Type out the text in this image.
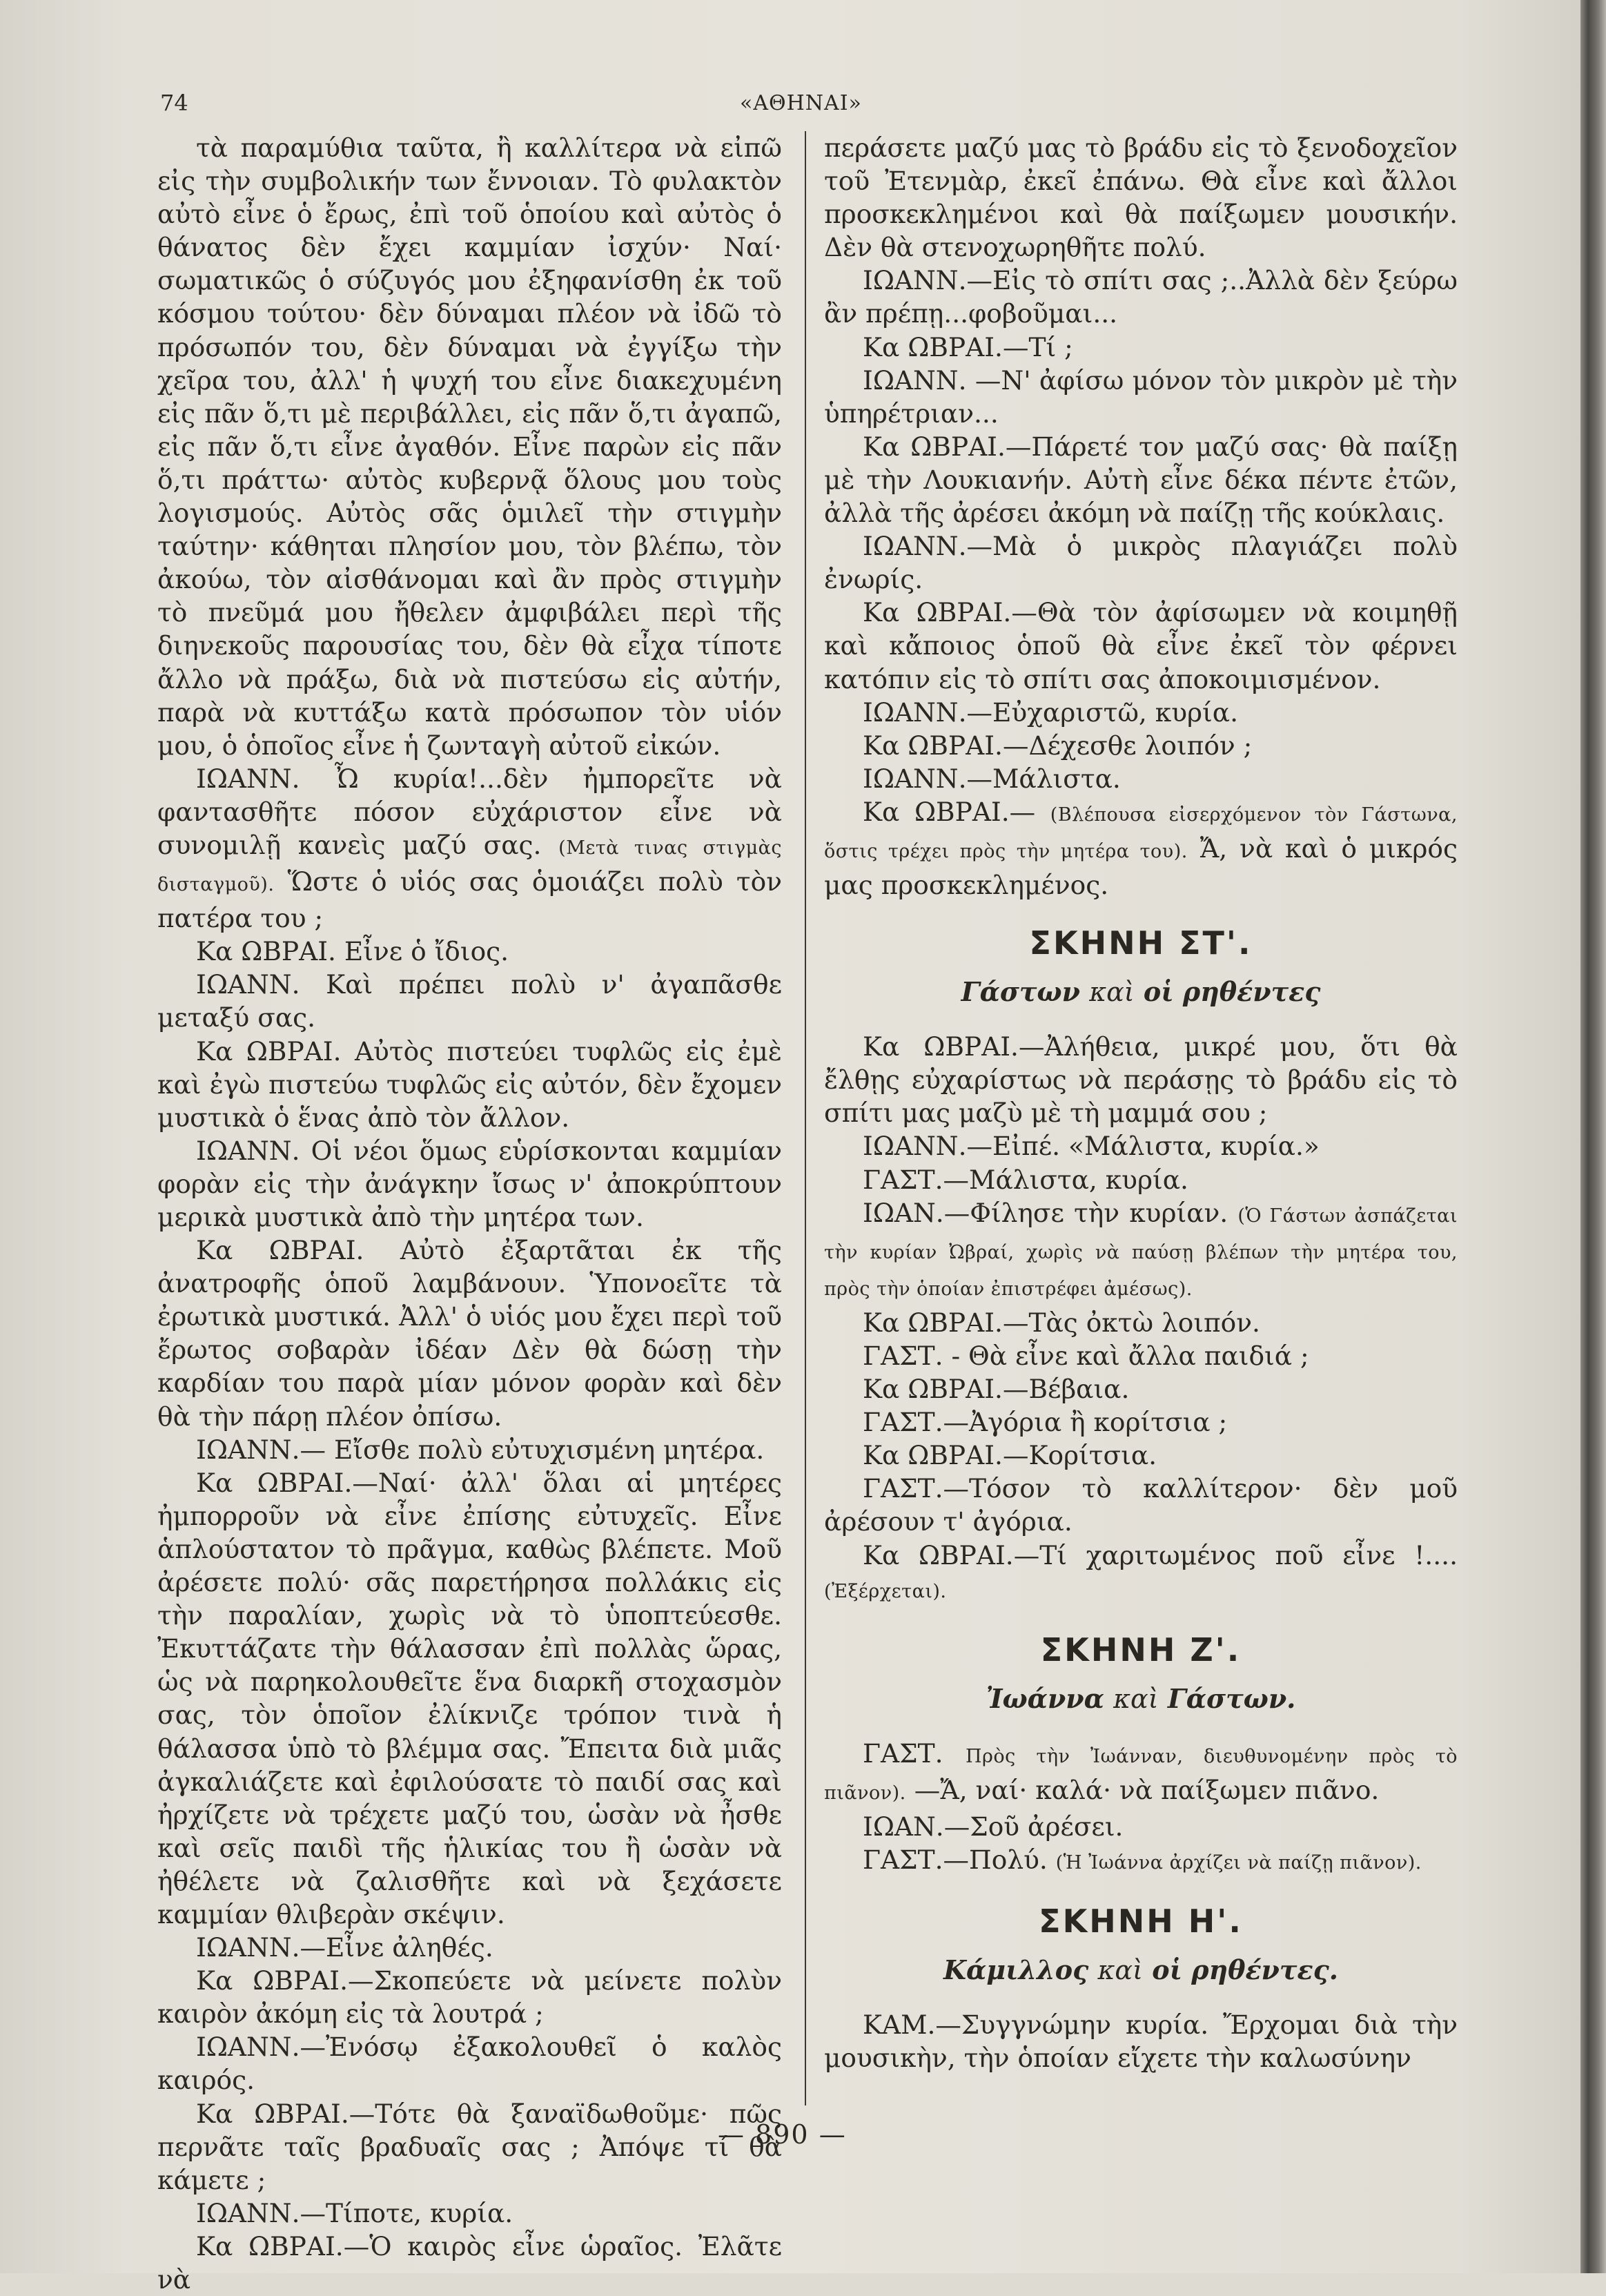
74	«ΑΘΗΝΑΙ»

τὰ παραμύθια ταῦτα, ἢ καλλίτερα νὰ εἰπῶ εἰς τὴν συμβολικήν των ἔννοιαν. Τὸ φυλακτὸν αὐτὸ εἶνε ὁ ἔρως, ἐπὶ τοῦ ὁποίου καὶ αὐτὸς ὁ θάνατος δὲν ἔχει καμμίαν ἰσχύν· Ναί· σωματικῶς ὁ σύζυγός μου ἐξηφανίσθη ἐκ τοῦ κόσμου τούτου· δὲν δύναμαι πλέον νὰ ἰδῶ τὸ πρόσωπόν του, δὲν δύναμαι νὰ ἐγγίξω τὴν χεῖρα του, ἀλλ' ἡ ψυχή του εἶνε διακεχυμένη εἰς πᾶν ὅ,τι μὲ περιβάλλει, εἰς πᾶν ὅ,τι ἀγαπῶ, εἰς πᾶν ὅ,τι εἶνε ἀγαθόν. Εἶνε παρὼν εἰς πᾶν ὅ,τι πράττω· αὐτὸς κυβερνᾷ ὅλους μου τοὺς λογισμούς. Αὐτὸς σᾶς ὁμιλεῖ τὴν στιγμὴν ταύτην· κάθηται πλησίον μου, τὸν βλέπω, τὸν ἀκούω, τὸν αἰσθάνομαι καὶ ἂν πρὸς στιγμὴν τὸ πνεῦμά μου ἤθελεν ἀμφιβάλει περὶ τῆς διηνεκοῦς παρουσίας του, δὲν θὰ εἶχα τίποτε ἄλλο νὰ πράξω, διὰ νὰ πιστεύσω εἰς αὐτήν, παρὰ νὰ κυττάξω κατὰ πρόσωπον τὸν υἱόν μου, ὁ ὁποῖος εἶνε ἡ ζωνταγὴ αὐτοῦ εἰκών.

ΙΩΑΝΝ. Ὦ κυρία!...δὲν ἠμπορεῖτε νὰ φαντασθῆτε πόσον εὐχάριστον εἶνε νὰ συνομιλῇ κανεὶς μαζύ σας. (Μετὰ τινας στιγμὰς δισταγμοῦ). Ὥστε ὁ υἱός σας ὁμοιάζει πολὺ τὸν πατέρα του ;

Κα ΩΒΡΑΙ. Εἶνε ὁ ἴδιος.

ΙΩΑΝΝ. Καὶ πρέπει πολὺ ν' ἀγαπᾶσθε μεταξύ σας.

Κα ΩΒΡΑΙ. Αὐτὸς πιστεύει τυφλῶς εἰς ἐμὲ καὶ ἐγὼ πιστεύω τυφλῶς εἰς αὐτόν, δὲν ἔχομεν μυστικὰ ὁ ἕνας ἀπὸ τὸν ἄλλον.

ΙΩΑΝΝ. Οἱ νέοι ὅμως εὑρίσκονται καμμίαν φορὰν εἰς τὴν ἀνάγκην ἴσως ν' ἀποκρύπτουν μερικὰ μυστικὰ ἀπὸ τὴν μητέρα των.

Κα ΩΒΡΑΙ. Αὐτὸ ἐξαρτᾶται ἐκ τῆς ἀνατροφῆς ὁποῦ λαμβάνουν. Ὑπονοεῖτε τὰ ἐρωτικὰ μυστικά. Ἀλλ' ὁ υἱός μου ἔχει περὶ τοῦ ἔρωτος σοβαρὰν ἰδέαν Δὲν θὰ δώσῃ τὴν καρδίαν του παρὰ μίαν μόνον φορὰν καὶ δὲν θὰ τὴν πάρῃ πλέον ὀπίσω.

ΙΩΑΝΝ.— Εἴσθε πολὺ εὐτυχισμένη μητέρα.

Κα ΩΒΡΑΙ.—Ναί· ἀλλ' ὅλαι αἱ μητέρες ἠμπορροῦν νὰ εἶνε ἐπίσης εὐτυχεῖς. Εἶνε ἁπλούστατον τὸ πρᾶγμα, καθὼς βλέπετε. Μοῦ ἀρέσετε πολύ· σᾶς παρετήρησα πολλάκις εἰς τὴν παραλίαν, χωρὶς νὰ τὸ ὑποπτεύεσθε. Ἐκυττάζατε τὴν θάλασσαν ἐπὶ πολλὰς ὥρας, ὡς νὰ παρηκολουθεῖτε ἕνα διαρκῆ στοχασμὸν σας, τὸν ὁποῖον ἐλίκνιζε τρόπον τινὰ ἡ θάλασσα ὑπὸ τὸ βλέμμα σας. Ἔπειτα διὰ μιᾶς ἀγκαλιάζετε καὶ ἐφιλούσατε τὸ παιδί σας καὶ ἠρχίζετε νὰ τρέχετε μαζύ του, ὡσὰν νὰ ἦσθε καὶ σεῖς παιδὶ τῆς ἡλικίας του ἢ ὡσὰν νὰ ἠθέλετε νὰ ζαλισθῆτε καὶ νὰ ξεχάσετε καμμίαν θλιβερὰν σκέψιν.

ΙΩΑΝΝ.—Εἶνε ἀληθές.

Κα ΩΒΡΑΙ.—Σκοπεύετε νὰ μείνετε πολὺν καιρὸν ἀκόμη εἰς τὰ λουτρά ;

ΙΩΑΝΝ.—Ἐνόσῳ ἐξακολουθεῖ ὁ καλὸς καιρός.

Κα ΩΒΡΑΙ.—Τότε θὰ ξαναϊδωθοῦμε· πῶς περνᾶτε ταῖς βραδυαῖς σας ; Ἀπόψε τί θὰ κάμετε ;

ΙΩΑΝΝ.—Τίποτε, κυρία.

Κα ΩΒΡΑΙ.—Ὁ καιρὸς εἶνε ὡραῖος. Ἐλᾶτε νὰ

περάσετε μαζύ μας τὸ βράδυ εἰς τὸ ξενοδοχεῖον τοῦ Ἐτενμὰρ, ἐκεῖ ἐπάνω. Θὰ εἶνε καὶ ἄλλοι προσκεκλημένοι καὶ θὰ παίξωμεν μουσικήν. Δὲν θὰ στενοχωρηθῆτε πολύ.

ΙΩΑΝΝ.—Εἰς τὸ σπίτι σας ;..Ἀλλὰ δὲν ξεύρω ἂν πρέπῃ...φοβοῦμαι...

Κα ΩΒΡΑΙ.—Τί ;

ΙΩΑΝΝ. —Ν' ἀφίσω μόνον τὸν μικρὸν μὲ τὴν ὑπηρέτριαν...

Κα ΩΒΡΑΙ.—Πάρετέ τον μαζύ σας· θὰ παίξῃ μὲ τὴν Λουκιανήν. Αὐτὴ εἶνε δέκα πέντε ἐτῶν, ἀλλὰ τῆς ἀρέσει ἀκόμη νὰ παίζῃ τῆς κούκλαις.

ΙΩΑΝΝ.—Μὰ ὁ μικρὸς πλαγιάζει πολὺ ἐνωρίς.

Κα ΩΒΡΑΙ.—Θὰ τὸν ἀφίσωμεν νὰ κοιμηθῇ καὶ κἄποιος ὁποῦ θὰ εἶνε ἐκεῖ τὸν φέρνει κατόπιν εἰς τὸ σπίτι σας ἀποκοιμισμένον.

ΙΩΑΝΝ.—Εὐχαριστῶ, κυρία.

Κα ΩΒΡΑΙ.—Δέχεσθε λοιπόν ;

ΙΩΑΝΝ.—Μάλιστα.

Κα ΩΒΡΑΙ.— (Βλέπουσα εἰσερχόμενον τὸν Γάστωνα, ὅστις τρέχει πρὸς τὴν μητέρα του). Ἄ, νὰ καὶ ὁ μικρός μας προσκεκλημένος.

ΣΚΗΝΗ ΣΤ'.
Γάστων καὶ οἱ ρηθέντες

Κα ΩΒΡΑΙ.—Ἀλήθεια, μικρέ μου, ὅτι θὰ ἔλθῃς εὐχαρίστως νὰ περάσῃς τὸ βράδυ εἰς τὸ σπίτι μας μαζὺ μὲ τὴ μαμμά σου ;

ΙΩΑΝΝ.—Εἰπέ. «Μάλιστα, κυρία.»

ΓΑΣΤ.—Μάλιστα, κυρία.

ΙΩΑΝ.—Φίλησε τὴν κυρίαν. (Ὁ Γάστων ἀσπάζεται τὴν κυρίαν Ὠβραί, χωρὶς νὰ παύσῃ βλέπων τὴν μητέρα του, πρὸς τὴν ὁποίαν ἐπιστρέφει ἀμέσως).

Κα ΩΒΡΑΙ.—Τὰς ὀκτὼ λοιπόν.

ΓΑΣΤ. - Θὰ εἶνε καὶ ἄλλα παιδιά ;

Κα ΩΒΡΑΙ.—Βέβαια.

ΓΑΣΤ.—Ἀγόρια ἢ κορίτσια ;

Κα ΩΒΡΑΙ.—Κορίτσια.

ΓΑΣΤ.—Τόσον τὸ καλλίτερον· δὲν μοῦ ἀρέσουν τ' ἀγόρια.

Κα ΩΒΡΑΙ.—Τί χαριτωμένος ποῦ εἶνε !.... (Ἐξέρχεται).

ΣΚΗΝΗ Ζ'.
Ἰωάννα καὶ Γάστων.

ΓΑΣΤ. Πρὸς τὴν Ἰωάνναν, διευθυνομένην πρὸς τὸ πιᾶνον). —Ἄ, ναί· καλά· νὰ παίξωμεν πιᾶνο.

ΙΩΑΝ.—Σοῦ ἀρέσει.

ΓΑΣΤ.—Πολύ. (Ἡ Ἰωάννα ἀρχίζει νὰ παίζῃ πιᾶνον).

ΣΚΗΝΗ Η'.
Κάμιλλος καὶ οἱ ρηθέντες.

ΚΑΜ.—Συγγνώμην κυρία. Ἔρχομαι διὰ τὴν μουσικὴν, τὴν ὁποίαν εἴχετε τὴν καλωσύνην

— 890 —
